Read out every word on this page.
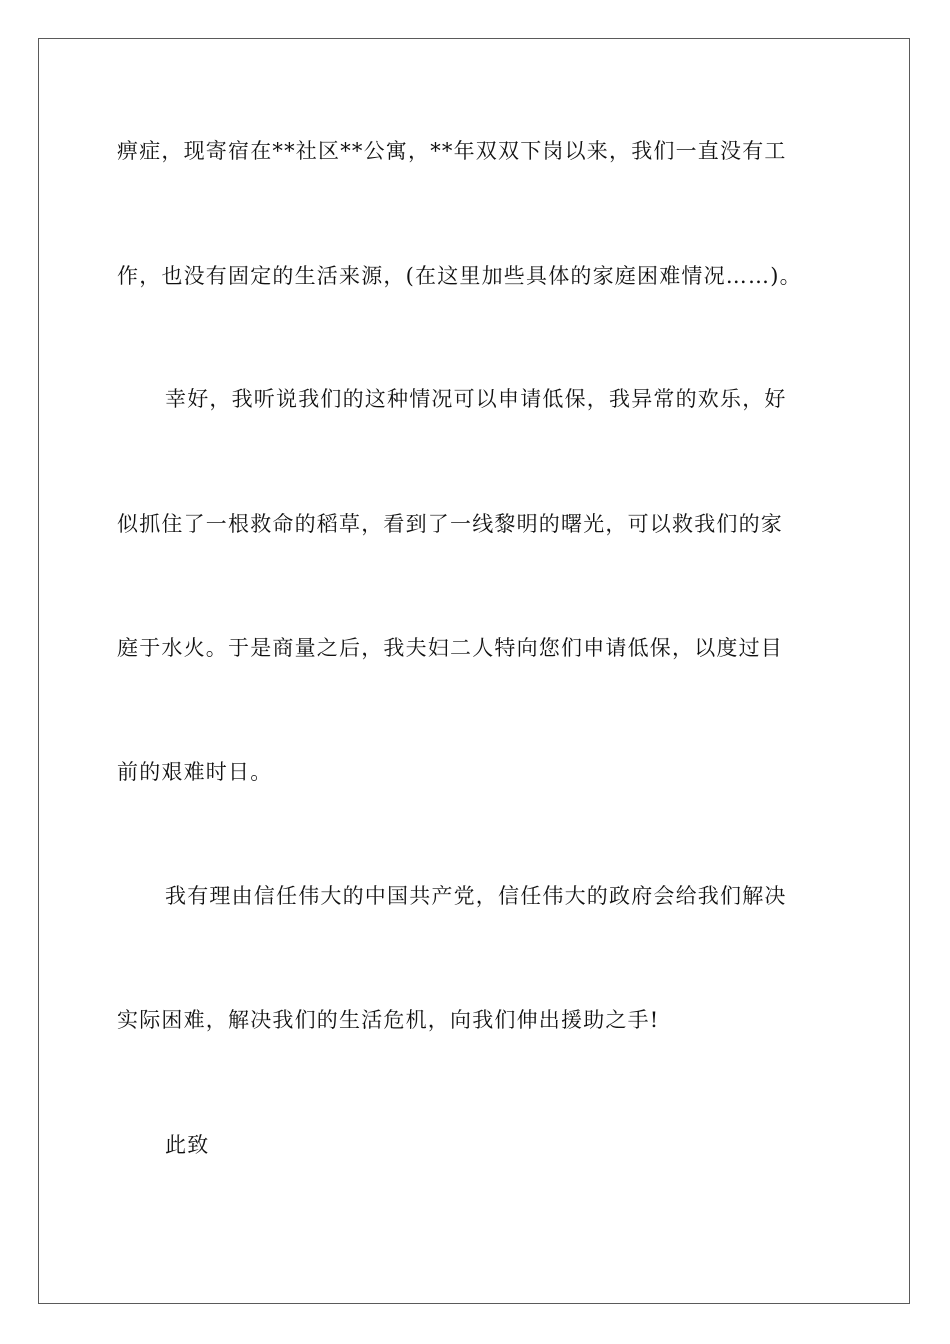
痹症，现寄宿在**社区**公寓，**年双双下岗以来，我们一直没有工
作，也没有固定的生活来源，(在这里加些具体的家庭困难情况……)。
幸好，我听说我们的这种情况可以申请低保，我异常的欢乐，好
似抓住了一根救命的稻草，看到了一线黎明的曙光，可以救我们的家
庭于水火。于是商量之后，我夫妇二人特向您们申请低保，以度过目
前的艰难时日。
我有理由信任伟大的中国共产党，信任伟大的政府会给我们解决
实际困难，解决我们的生活危机，向我们伸出援助之手!
此致
